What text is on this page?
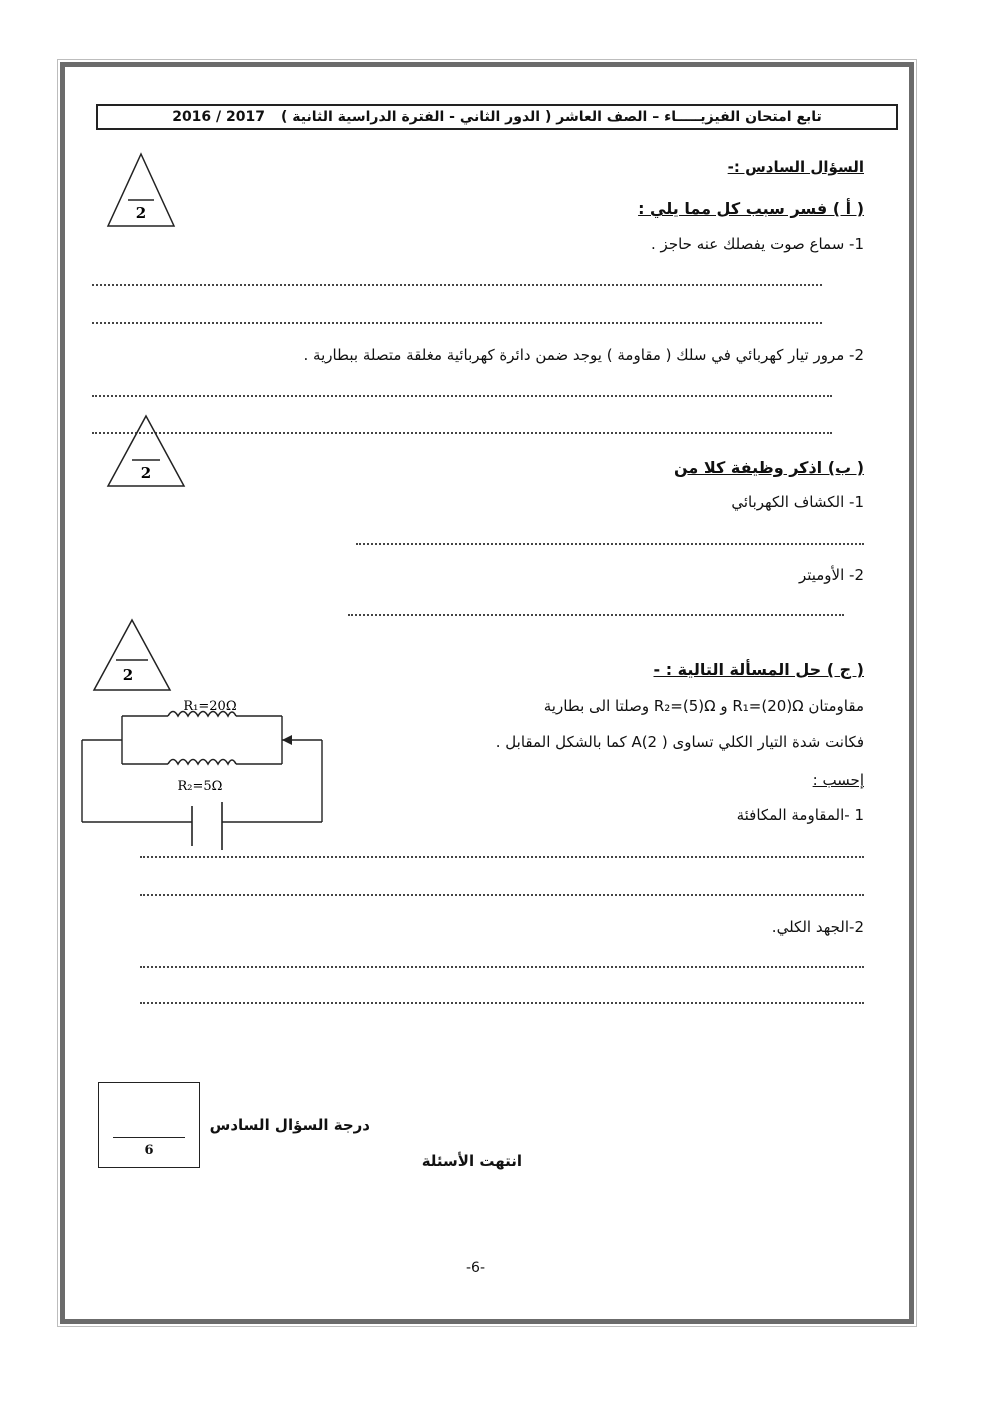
تابع امتحان الفيزيـــــاء – الصف العاشر ( الدور الثاني - الفترة الدراسية الثانية )
2016 / 2017
السؤال السادس :-
( أ ) فسر سبب كل مما يلي :
2
1- سماع صوت يفصلك عنه حاجز .
2- مرور تيار كهربائي في سلك ( مقاومة ) يوجد ضمن دائرة كهربائية مغلقة متصلة ببطارية .
2	( ب) اذكر وظيفة كلا من
1- الكشاف الكهربائي
2- الأوميتر
2	( ج ) حل المسألة التالية : -
مقاومتان R₁=(20)Ω و R₂=(5)Ω وصلتا الى بطارية
فكانت شدة التيار الكلي تساوى A(2 ) كما بالشكل المقابل .
إحسب :
1 -المقاومة المكافئة
2-الجهد الكلي.
R₁=20Ω
R₂=5Ω
6
درجة السؤال السادس
انتهت الأسئلة
-6-
